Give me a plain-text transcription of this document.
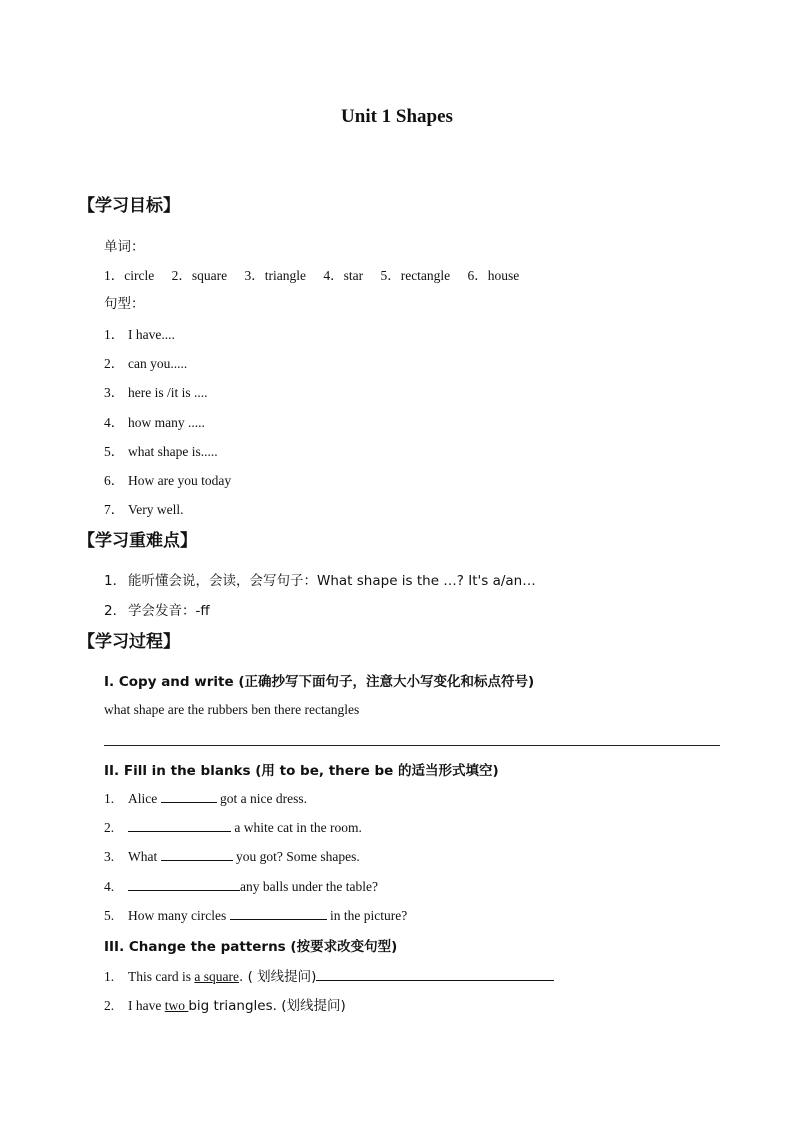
Unit 1 Shapes
【学习目标】
单词：
1．circle 2．square 3．triangle 4．star 5．rectangle 6．house
句型：
1． I have....
2． can you.....
3． here is /it is ....
4． how many .....
5． what shape is.....
6． How are you today
7． Very well.
【学习重难点】
1． 能听懂会说，会读，会写句子：What shape is the …? It's a/an…
2． 学会发音：-ff
【学习过程】
I. Copy and write (正确抄写下面句子，注意大小写变化和标点符号)
what shape are the rubbers ben there rectangles
II. Fill in the blanks (用 to be, there be 的适当形式填空)
1. Alice	got a nice dress.
2.	a white cat in the room.
3. What	you got? Some shapes.
4.	any balls under the table?
5. How many circles	in the picture?
III. Change the patterns (按要求改变句型)
1. This card is a square. ( 划线提问)
2. I have two big triangles. (划线提问)
